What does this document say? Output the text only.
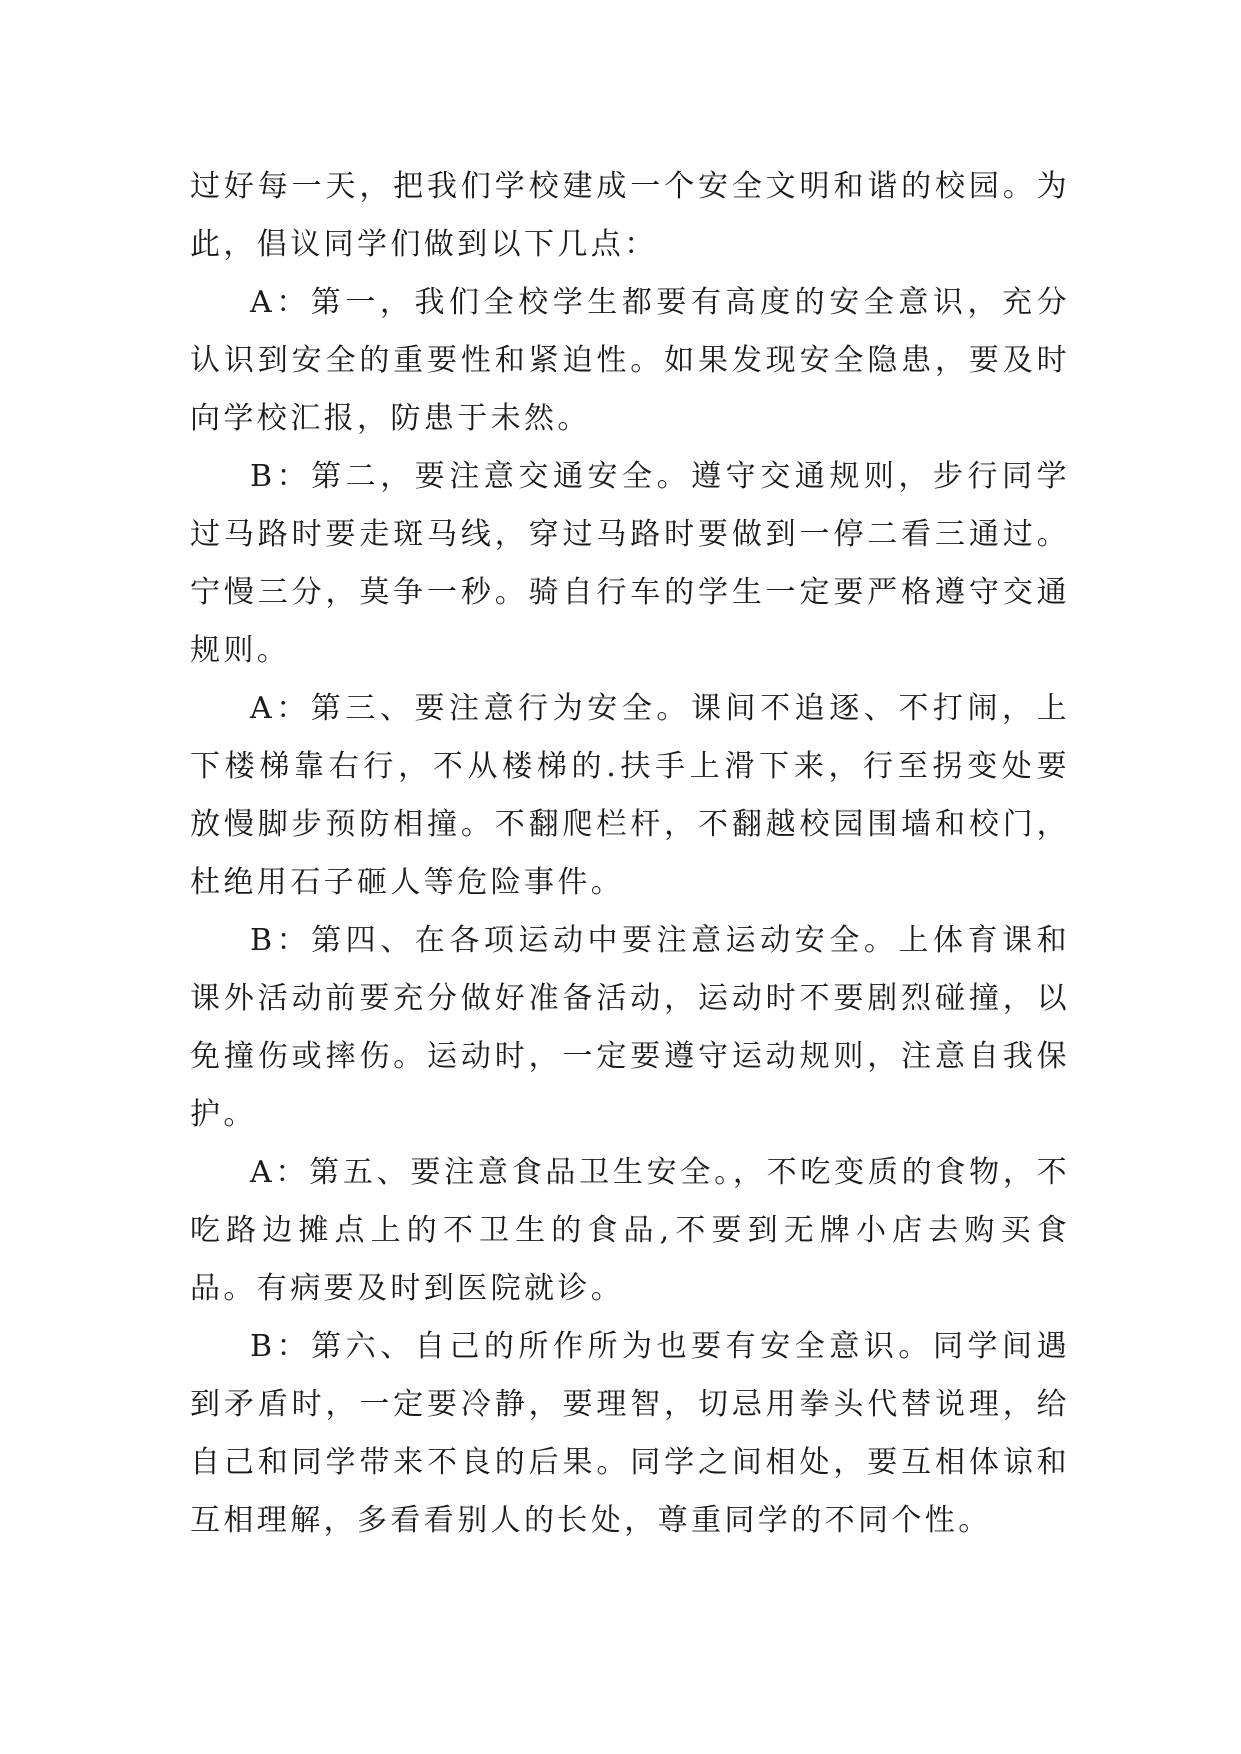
过好每一天，把我们学校建成一个安全文明和谐的校园。为此，倡议同学们做到以下几点：

A：第一，我们全校学生都要有高度的安全意识，充分认识到安全的重要性和紧迫性。如果发现安全隐患，要及时向学校汇报，防患于未然。

B：第二，要注意交通安全。遵守交通规则，步行同学过马路时要走斑马线，穿过马路时要做到一停二看三通过。宁慢三分，莫争一秒。骑自行车的学生一定要严格遵守交通规则。

A：第三、要注意行为安全。课间不追逐、不打闹，上下楼梯靠右行，不从楼梯的.扶手上滑下来，行至拐变处要放慢脚步预防相撞。不翻爬栏杆，不翻越校园围墙和校门，杜绝用石子砸人等危险事件。

B：第四、在各项运动中要注意运动安全。上体育课和课外活动前要充分做好准备活动，运动时不要剧烈碰撞，以免撞伤或摔伤。运动时，一定要遵守运动规则，注意自我保护。

A：第五、要注意食品卫生安全。，不吃变质的食物，不吃路边摊点上的不卫生的食品,不要到无牌小店去购买食品。有病要及时到医院就诊。

B：第六、自己的所作所为也要有安全意识。同学间遇到矛盾时，一定要冷静，要理智，切忌用拳头代替说理，给自己和同学带来不良的后果。同学之间相处，要互相体谅和互相理解，多看看别人的长处，尊重同学的不同个性。
